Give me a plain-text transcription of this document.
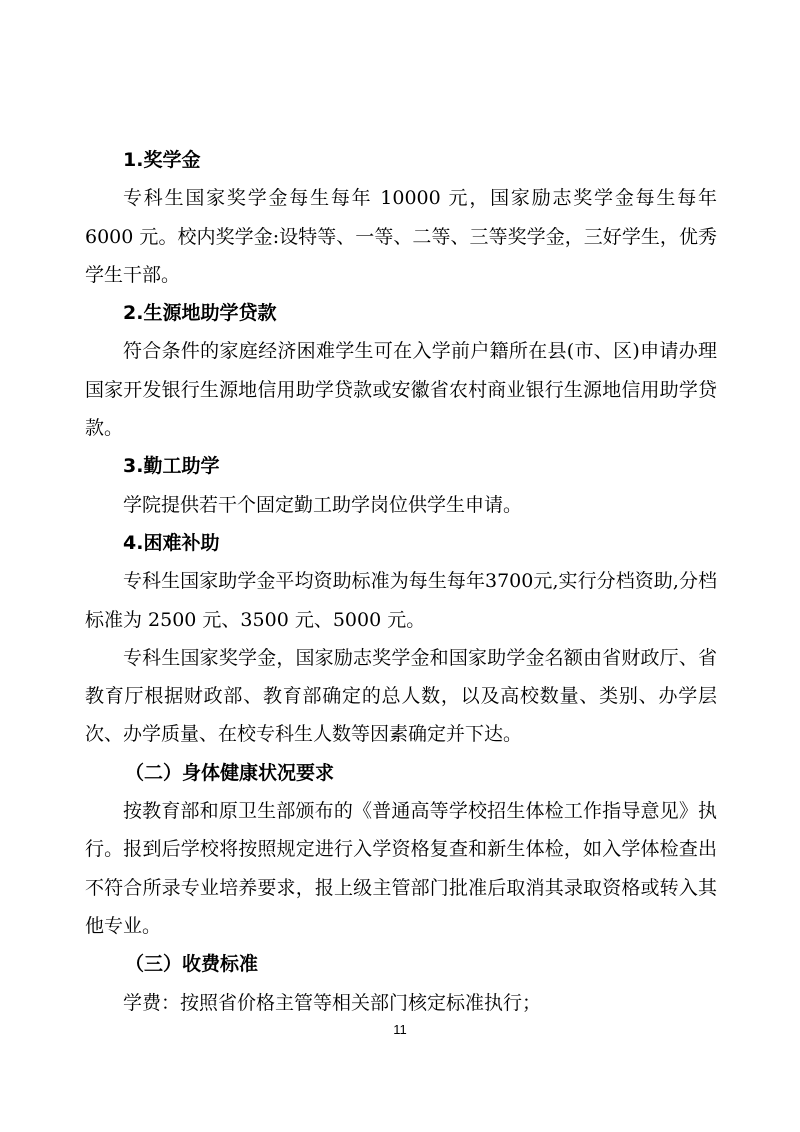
1.奖学金

专科生国家奖学金每生每年 10000 元，国家励志奖学金每生每年6000 元。校内奖学金:设特等、一等、二等、三等奖学金，三好学生，优秀学生干部。

2.生源地助学贷款

符合条件的家庭经济困难学生可在入学前户籍所在县(市、区)申请办理国家开发银行生源地信用助学贷款或安徽省农村商业银行生源地信用助学贷款。

3.勤工助学

学院提供若干个固定勤工助学岗位供学生申请。

4.困难补助

专科生国家助学金平均资助标准为每生每年3700元,实行分档资助,分档标准为 2500 元、3500 元、5000 元。

专科生国家奖学金，国家励志奖学金和国家助学金名额由省财政厅、省教育厅根据财政部、教育部确定的总人数，以及高校数量、类别、办学层次、办学质量、在校专科生人数等因素确定并下达。

（二）身体健康状况要求

按教育部和原卫生部颁布的《普通高等学校招生体检工作指导意见》执行。报到后学校将按照规定进行入学资格复查和新生体检，如入学体检查出不符合所录专业培养要求，报上级主管部门批准后取消其录取资格或转入其他专业。

（三）收费标准

学费：按照省价格主管等相关部门核定标准执行；

11
